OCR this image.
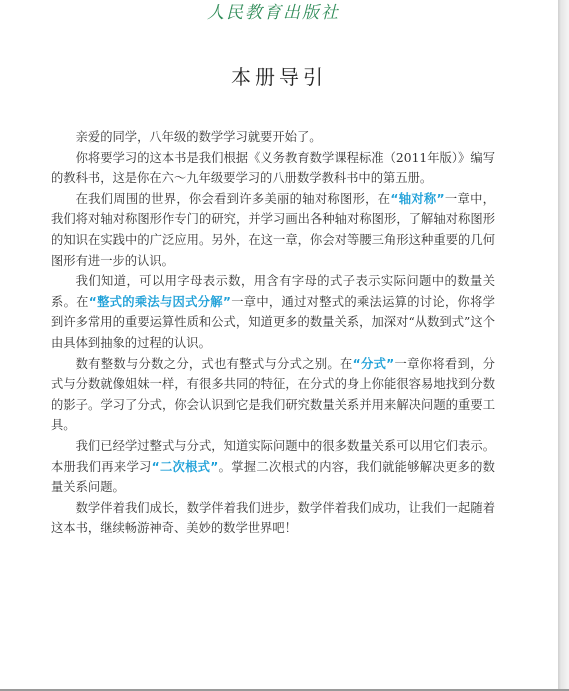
人民教育出版社
本册导引

亲爱的同学，八年级的数学学习就要开始了。

你将要学习的这本书是我们根据《义务教育数学课程标准（2011年版）》编写的教科书，这是你在六～九年级要学习的八册数学教科书中的第五册。

在我们周围的世界，你会看到许多美丽的轴对称图形，在“轴对称”一章中，我们将对轴对称图形作专门的研究，并学习画出各种轴对称图形，了解轴对称图形的知识在实践中的广泛应用。另外，在这一章，你会对等腰三角形这种重要的几何图形有进一步的认识。

我们知道，可以用字母表示数，用含有字母的式子表示实际问题中的数量关系。在“整式的乘法与因式分解”一章中，通过对整式的乘法运算的讨论，你将学到许多常用的重要运算性质和公式，知道更多的数量关系，加深对“从数到式”这个由具体到抽象的过程的认识。

数有整数与分数之分，式也有整式与分式之别。在“分式”一章你将看到，分式与分数就像姐妹一样，有很多共同的特征，在分式的身上你能很容易地找到分数的影子。学习了分式，你会认识到它是我们研究数量关系并用来解决问题的重要工具。

我们已经学过整式与分式，知道实际问题中的很多数量关系可以用它们表示。本册我们再来学习“二次根式”。掌握二次根式的内容，我们就能够解决更多的数量关系问题。

数学伴着我们成长，数学伴着我们进步，数学伴着我们成功，让我们一起随着这本书，继续畅游神奇、美妙的数学世界吧！
